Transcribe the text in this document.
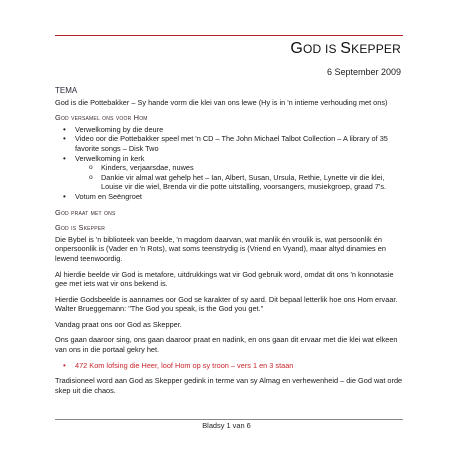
GOD IS SKEPPER
6 September 2009

TEMA

God is die Pottebakker – Sy hande vorm die klei van ons lewe (Hy is in 'n intieme verhouding met ons)

God versamel ons voor Hom

• Verwelkoming by die deure
• Video oor die Pottebakker speel met 'n CD – The John Michael Talbot Collection – A library of 35 favorite songs – Disk Two
• Verwelkoming in kerk
o Kinders, verjaarsdae, nuwes
o Dankie vir almal wat gehelp het – Ian, Albert, Susan, Ursula, Rethie, Lynette vir die klei, Louise vir die wiel, Brenda vir die potte uitstalling, voorsangers, musiekgroep, graad 7's.
• Votum en Seëngroet

God praat met ons

God is Skepper

Die Bybel is 'n biblioteek van beelde, 'n magdom daarvan, wat manlik én vroulik is, wat persoonlik én onpersoonlik is (Vader en 'n Rots), wat soms teenstrydig is (Vriend en Vyand), maar altyd dinamies en lewend teenwoordig.

Al hierdie beelde vir God is metafore, uitdrukkings wat vir God gebruik word, omdat dit ons 'n konnotasie gee met iets wat vir ons bekend is.

Hierdie Godsbeelde is aannames oor God se karakter of sy aard. Dit bepaal letterlik hoe ons Hom ervaar. Walter Brueggemann: "The God you speak, is the God you get."

Vandag praat ons oor God as Skepper.

Ons gaan daaroor sing, ons gaan daaroor praat en nadink, en ons gaan dit ervaar met die klei wat elkeen van ons in die portaal gekry het.

• 472 Kom lofsing die Heer, loof Hom op sy troon – vers 1 en 3 staan

Tradisioneel word aan God as Skepper gedink in terme van sy Almag en verhewenheid – die God wat orde skep uit die chaos.

Bladsy 1 van 6
